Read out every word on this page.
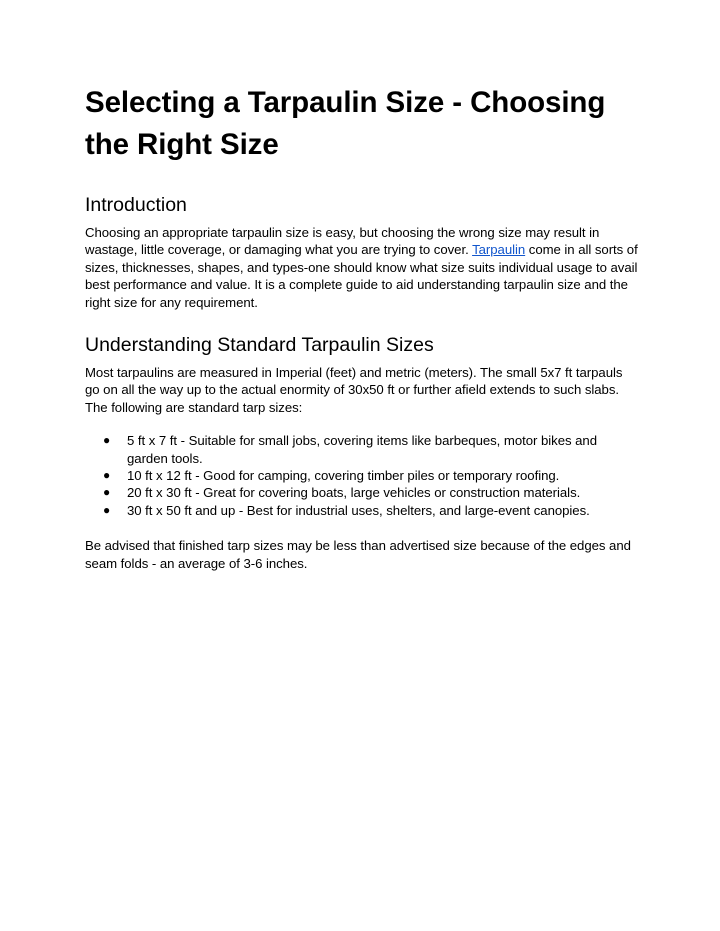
Selecting a Tarpaulin Size - Choosing the Right Size
Introduction

Choosing an appropriate tarpaulin size is easy, but choosing the wrong size may result in wastage, little coverage, or damaging what you are trying to cover. Tarpaulin come in all sorts of sizes, thicknesses, shapes, and types-one should know what size suits individual usage to avail best performance and value. It is a complete guide to aid understanding tarpaulin size and the right size for any requirement.

Understanding Standard Tarpaulin Sizes

Most tarpaulins are measured in Imperial (feet) and metric (meters). The small 5x7 ft tarpauls go on all the way up to the actual enormity of 30x50 ft or further afield extends to such slabs. The following are standard tarp sizes:

● 5 ft x 7 ft - Suitable for small jobs, covering items like barbeques, motor bikes and garden tools.
● 10 ft x 12 ft - Good for camping, covering timber piles or temporary roofing.
● 20 ft x 30 ft - Great for covering boats, large vehicles or construction materials.
● 30 ft x 50 ft and up - Best for industrial uses, shelters, and large-event canopies.

Be advised that finished tarp sizes may be less than advertised size because of the edges and seam folds - an average of 3-6 inches.
